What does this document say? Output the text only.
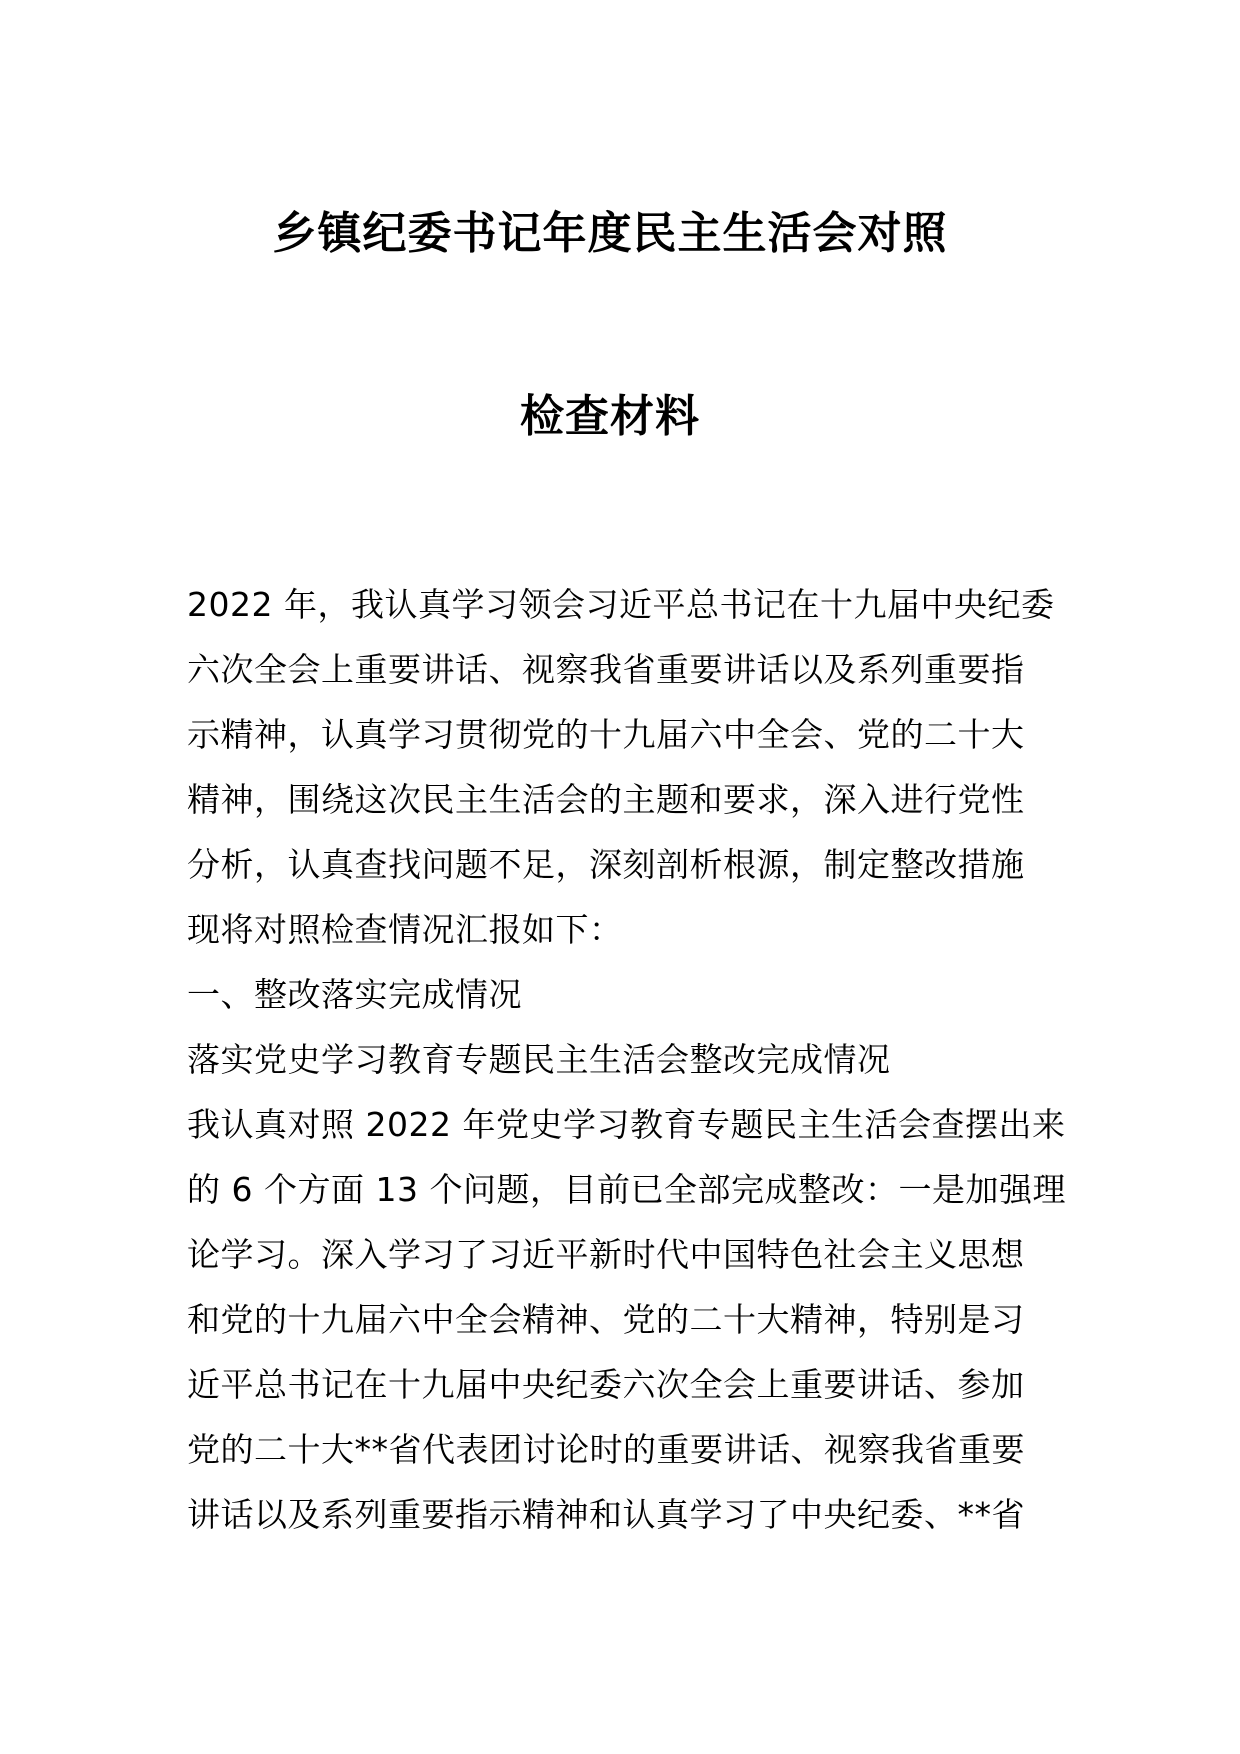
乡镇纪委书记年度民主生活会对照
检查材料
2022 年，我认真学习领会习近平总书记在十九届中央纪委
六次全会上重要讲话、视察我省重要讲话以及系列重要指
示精神，认真学习贯彻党的十九届六中全会、党的二十大
精神，围绕这次民主生活会的主题和要求，深入进行党性
分析，认真查找问题不足，深刻剖析根源，制定整改措施
现将对照检查情况汇报如下：
一、整改落实完成情况
落实党史学习教育专题民主生活会整改完成情况
我认真对照 2022 年党史学习教育专题民主生活会查摆出来
的 6 个方面 13 个问题，目前已全部完成整改：一是加强理
论学习。深入学习了习近平新时代中国特色社会主义思想
和党的十九届六中全会精神、党的二十大精神，特别是习
近平总书记在十九届中央纪委六次全会上重要讲话、参加
党的二十大**省代表团讨论时的重要讲话、视察我省重要
讲话以及系列重要指示精神和认真学习了中央纪委、**省
